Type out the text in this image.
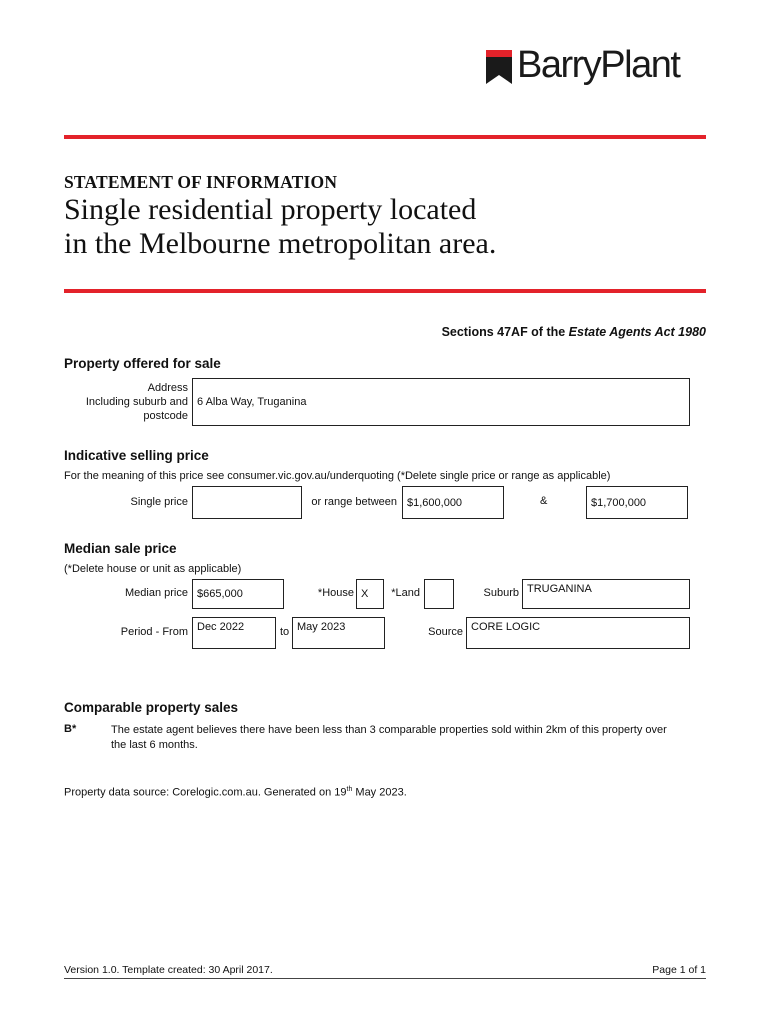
BarryPlant
STATEMENT OF INFORMATION
Single residential property located
in the Melbourne metropolitan area.
Sections 47AF of the Estate Agents Act 1980
Property offered for sale
Address
Including suburb and
postcode
6 Alba Way, Truganina
Indicative selling price
For the meaning of this price see consumer.vic.gov.au/underquoting (*Delete single price or range as applicable)
Single price	or range between $1,600,000	&	$1,700,000
Median sale price
(*Delete house or unit as applicable)
Median price $665,000	*House X	*Land	Suburb TRUGANINA
Period - From Dec 2022	to May 2023	Source CORE LOGIC
Comparable property sales
B*	The estate agent believes there have been less than 3 comparable properties sold within 2km of this property over
the last 6 months.
Property data source: Corelogic.com.au. Generated on 19th May 2023.
Version 1.0. Template created: 30 April 2017.	Page 1 of 1
